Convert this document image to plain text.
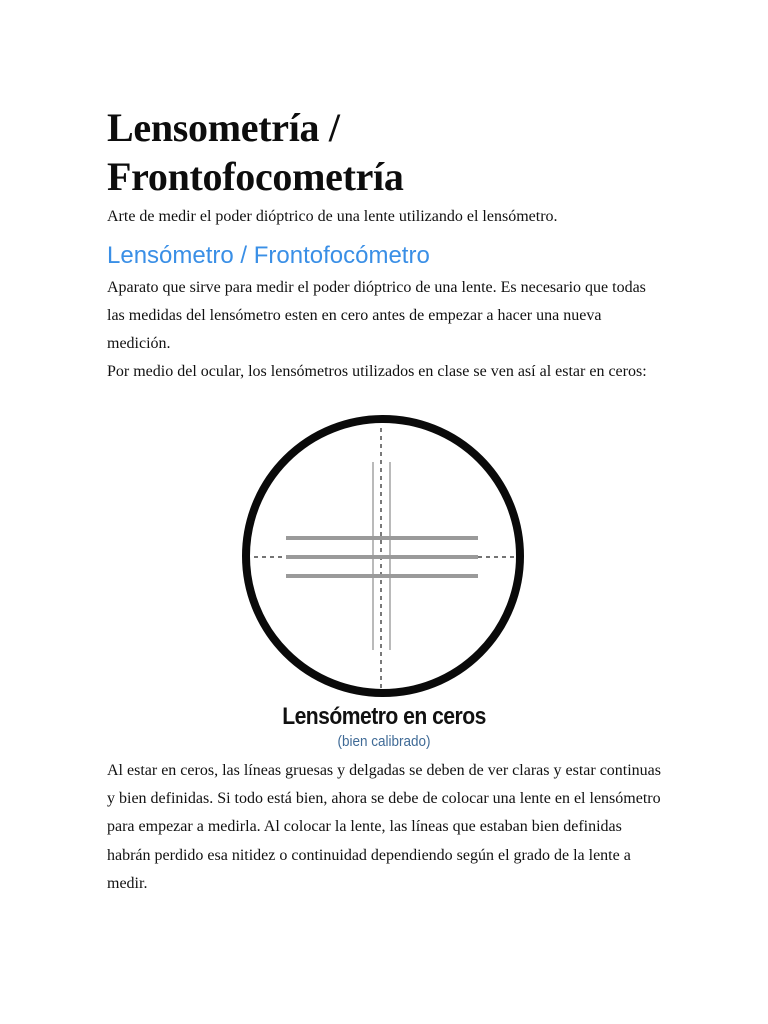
Lensometría /
Frontofocometría

Arte de medir el poder dióptrico de una lente utilizando el lensómetro.

Lensómetro / Frontofocómetro

Aparato que sirve para medir el poder dióptrico de una lente. Es necesario que todas las medidas del lensómetro esten en cero antes de empezar a hacer una nueva medición.

Por medio del ocular, los lensómetros utilizados en clase se ven así al estar en ceros:

Lensómetro en ceros
(bien calibrado)

Al estar en ceros, las líneas gruesas y delgadas se deben de ver claras y estar continuas y bien definidas. Si todo está bien, ahora se debe de colocar una lente en el lensómetro para empezar a medirla. Al colocar la lente, las líneas que estaban bien definidas habrán perdido esa nitidez o continuidad dependiendo según el grado de la lente a medir.
